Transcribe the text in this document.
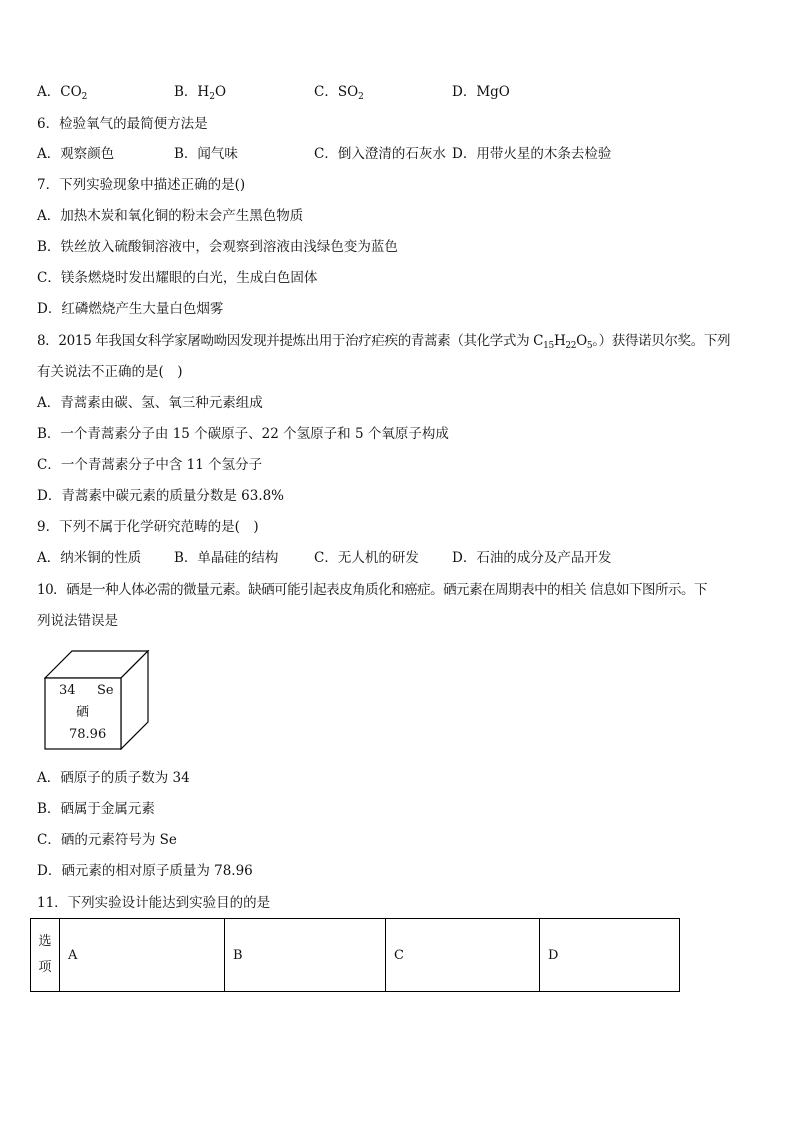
A．$CO_2$	B．$H_2O$	C．$SO_2$	D．MgO
6．检验氧气的最简便方法是
A．观察颜色	B．闻气味	C．倒入澄清的石灰水 D．用带火星的木条去检验
7．下列实验现象中描述正确的是()
A．加热木炭和氧化铜的粉末会产生黑色物质
B．铁丝放入硫酸铜溶液中，会观察到溶液由浅绿色变为蓝色
C．镁条燃烧时发出耀眼的白光，生成白色固体
D．红磷燃烧产生大量白色烟雾
8．2015 年我国女科学家屠呦呦因发现并提炼出用于治疗疟疾的青蒿素（其化学式为 $C_{15}H_{22}O_5$。）获得诺贝尔奖。下列
有关说法不正确的是(　)
A．青蒿素由碳、氢、氧三种元素组成
B．一个青蒿素分子由 15 个碳原子、22 个氢原子和 5 个氧原子构成
C．一个青蒿素分子中含 11 个氢分子
D．青蒿素中碳元素的质量分数是 63.8%
9．下列不属于化学研究范畴的是(　)
A．纳米铜的性质 B．单晶硅的结构	C．无人机的研发 D．石油的成分及产品开发
10．硒是一种人体必需的微量元素。缺硒可能引起表皮角质化和癌症。硒元素在周期表中的相关 信息如下图所示。下
列说法错误是
34 Se
硒
78.96
A．硒原子的质子数为 34
B．硒属于金属元素
C．硒的元素符号为 Se
D．硒元素的相对原子质量为 78.96
11．下列实验设计能达到实验目的的是
选
项
	A	B	C	D
